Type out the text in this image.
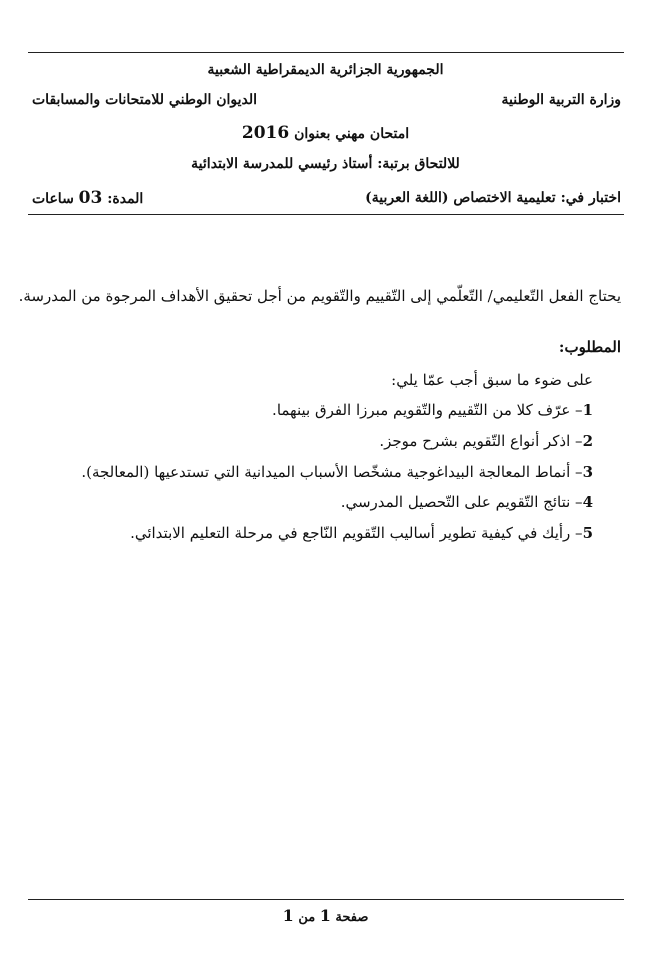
الجمهورية الجزائرية الديمقراطية الشعبية
وزارة التربية الوطنية
الديوان الوطني للامتحانات والمسابقات
امتحان مهني بعنوان 2016
للالتحاق برتبة: أستاذ رئيسي للمدرسة الابتدائية
اختبار في: تعليمية الاختصاص (اللغة العربية)
المدة: 03 ساعات
يحتاج الفعل التّعليمي/ التّعلّمي إلى التّقييم والتّقويم من أجل تحقيق الأهداف المرجوة من المدرسة.
المطلوب:
على ضوء ما سبق أجب عمّا يلي:
1– عرّف كلا من التّقييم والتّقويم مبرزا الفرق بينهما.
2– اذكر أنواع التّقويم بشرح موجز.
3– أنماط المعالجة البيداغوجية مشخّصا الأسباب الميدانية التي تستدعيها (المعالجة).
4– نتائج التّقويم على التّحصيل المدرسي.
5– رأيك في كيفية تطوير أساليب التّقويم النّاجع في مرحلة التعليم الابتدائي.
صفحة 1 من 1
